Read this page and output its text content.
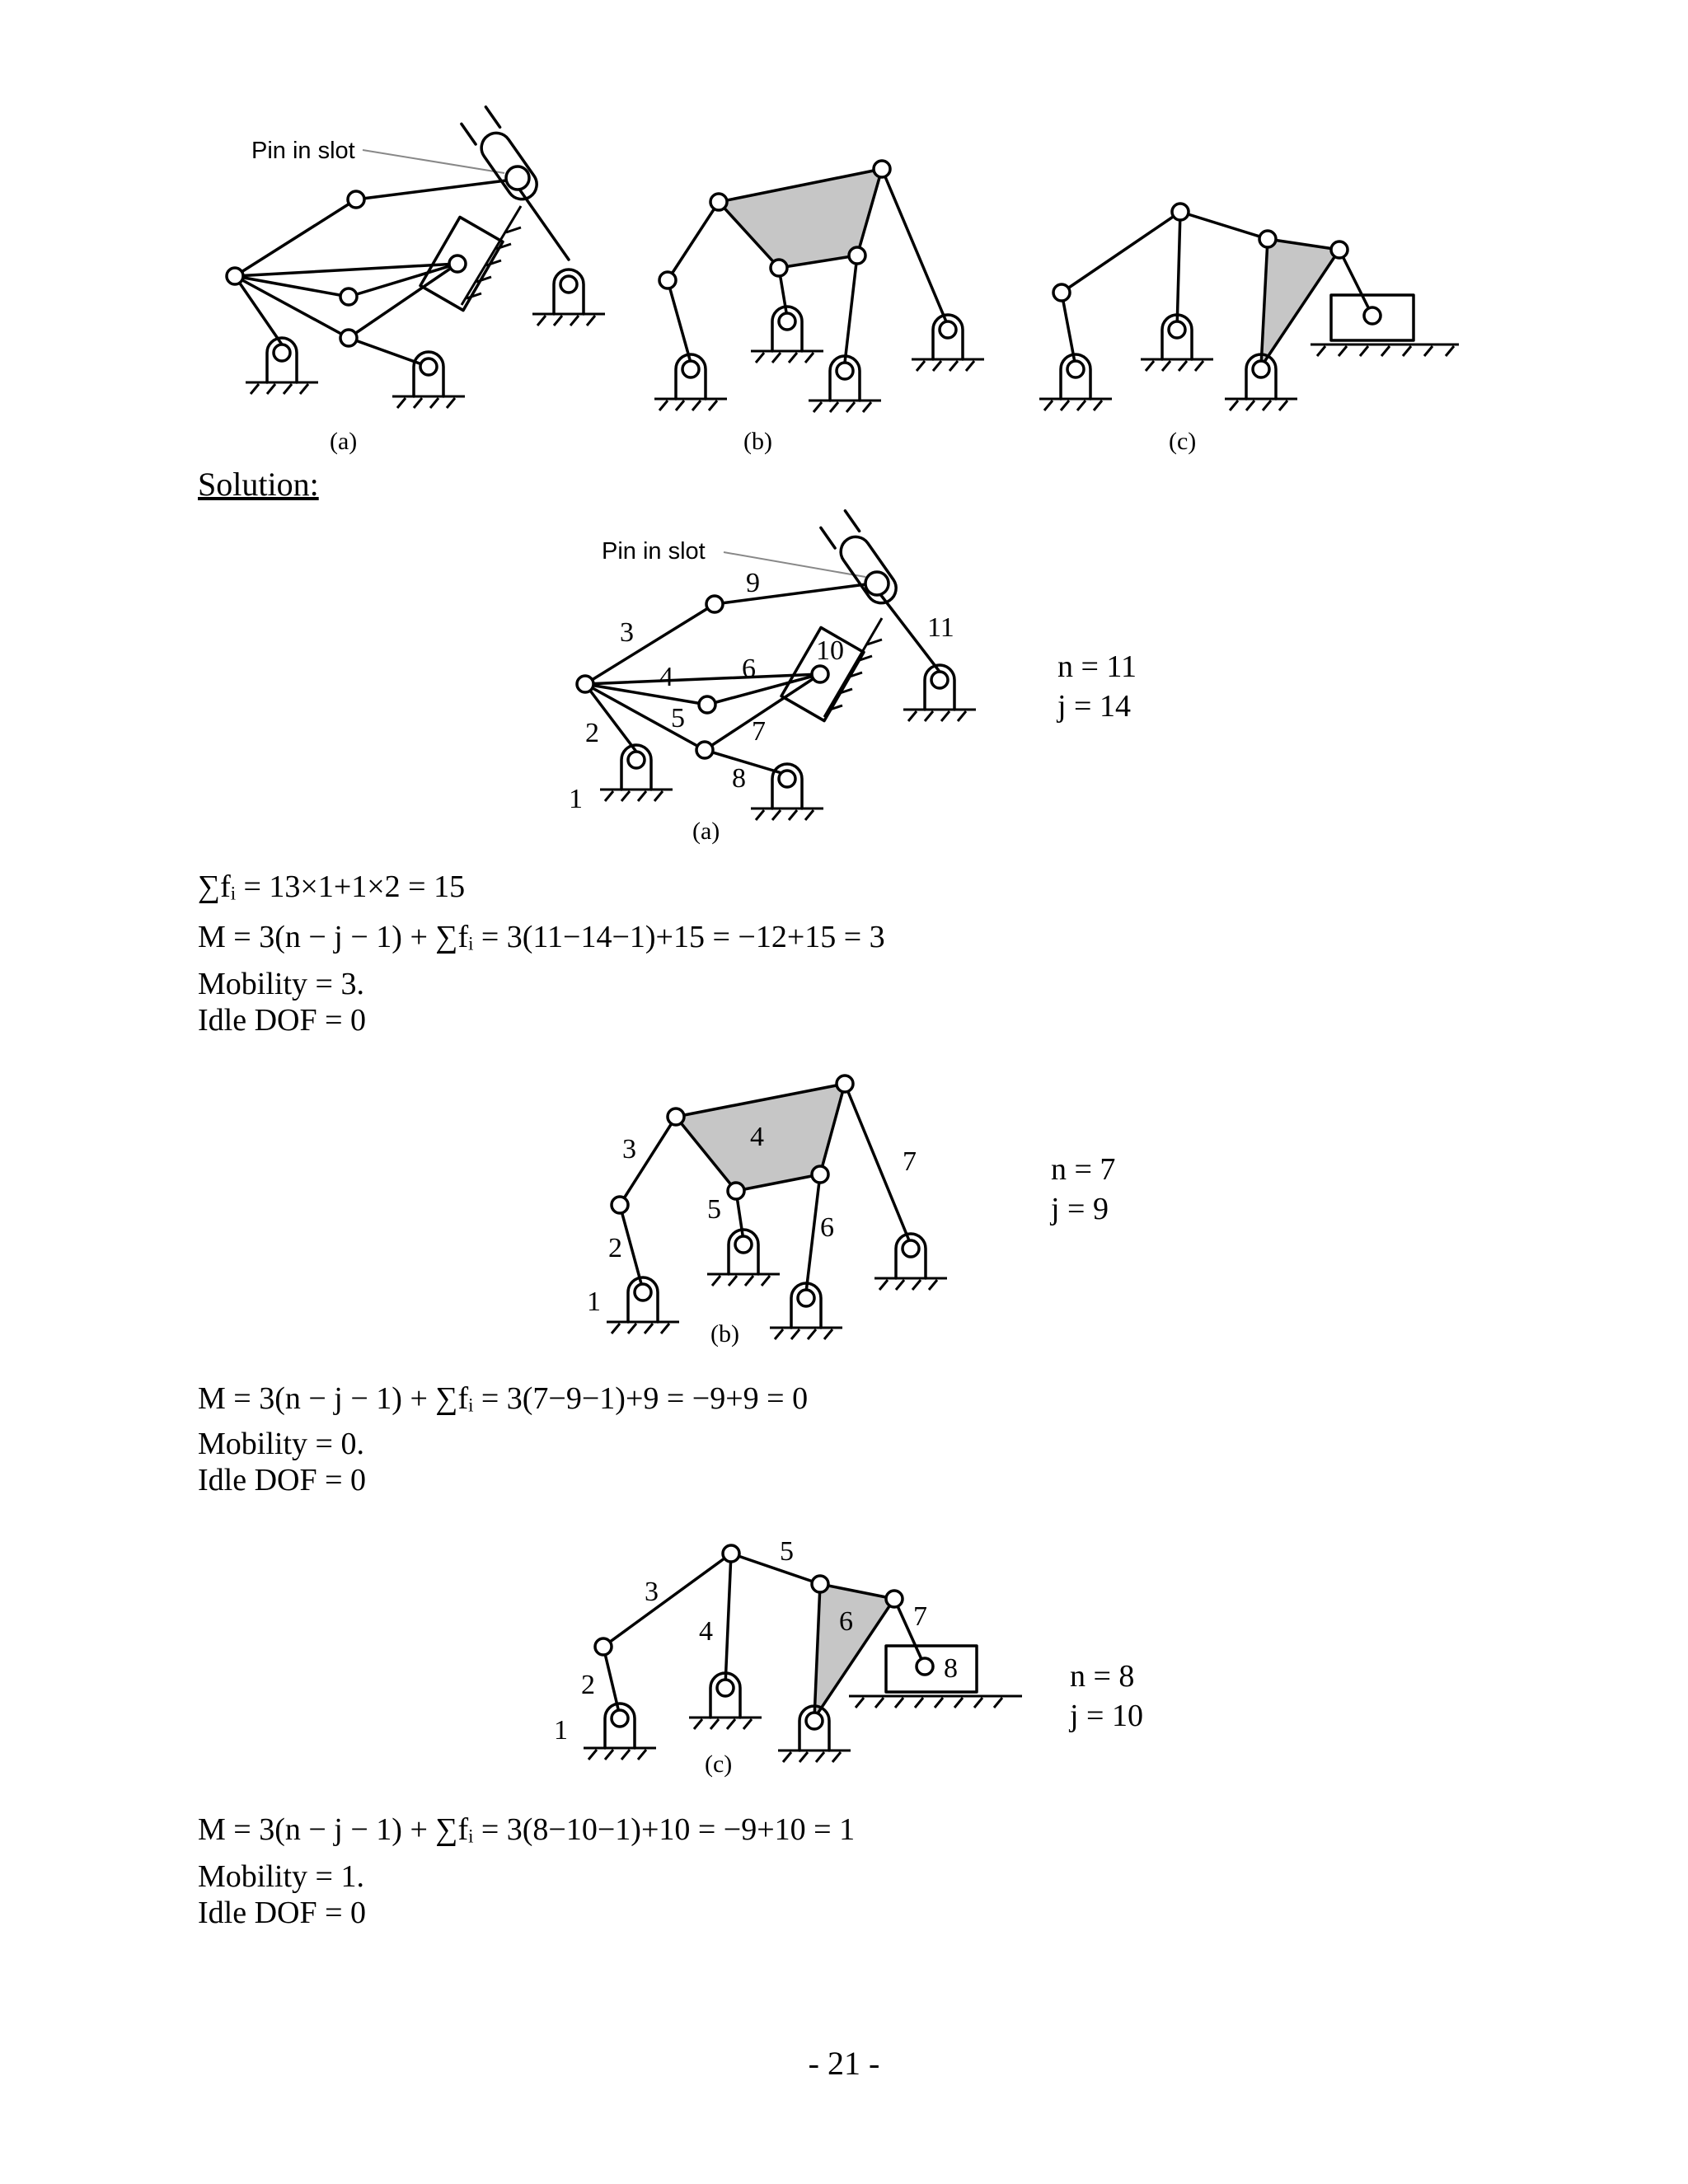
Pin in slot
(a)	(b)	(c)
Pin in slot
1
2
3
4
5
6
7
8
9
10
11
(a)
1
2
3	4
5
6
7
(b)
1
2
3
4
5
6 7
8
(c)
Solution:
n = 11
j = 14
∑fᵢ = 13×1+1×2 = 15
M = 3(n − j − 1) + ∑fᵢ = 3(11−14−1)+15 = −12+15 = 3
Mobility = 3.
Idle DOF = 0
n = 7
j = 9
M = 3(n − j − 1) + ∑fᵢ = 3(7−9−1)+9 = −9+9 = 0
Mobility = 0.
Idle DOF = 0
n = 8
j = 10
M = 3(n − j − 1) + ∑fᵢ = 3(8−10−1)+10 = −9+10 = 1
Mobility = 1.
Idle DOF = 0
- 21 -
